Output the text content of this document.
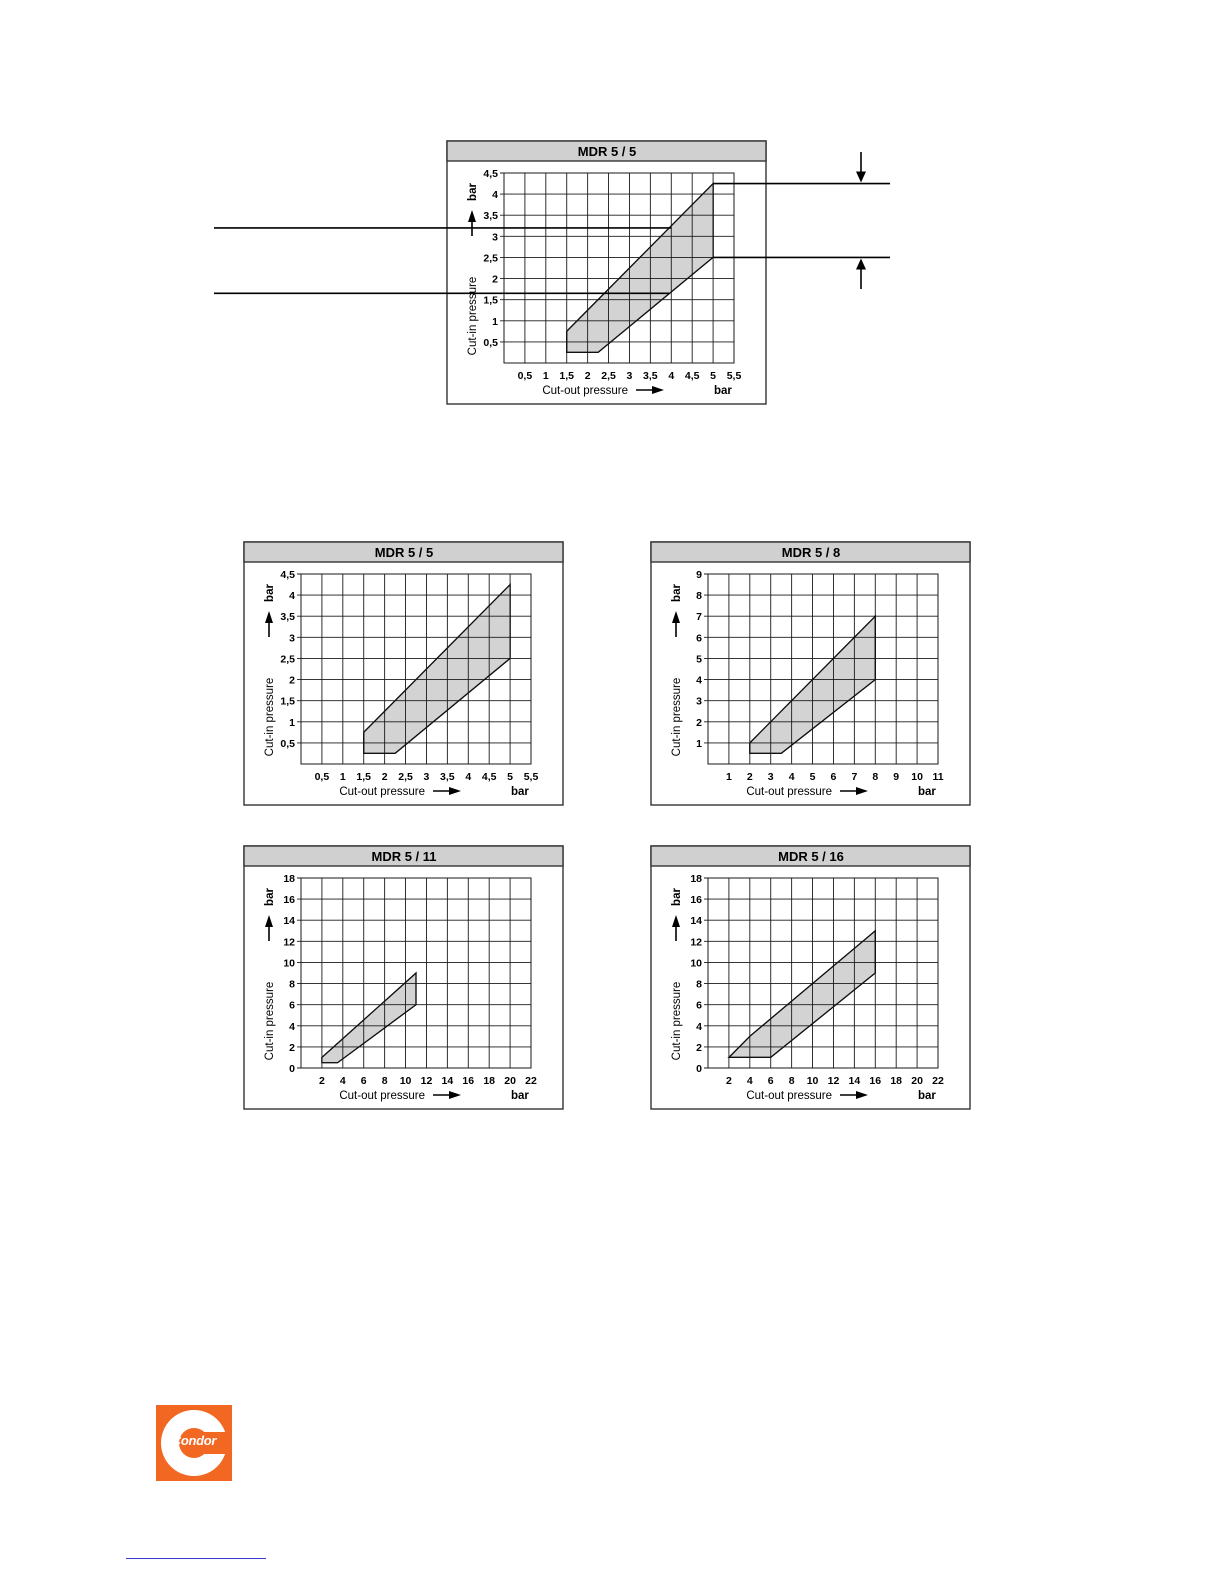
MDR 5 / 5
0,5 1 1,5 2 2,5 3 3,5 4 4,5 5 5,5
0,5
1
1,5
2
2,5
3
3,5
4
4,5
Cut-out pressure	bar
Cut-in pressure
bar
MDR 5 / 5
0,5 1 1,5 2 2,5 3 3,5 4 4,5 5 5,5
0,5
1
1,5
2
2,5
3
3,5
4
4,5
Cut-out pressure	bar
Cut-in pressure
bar
MDR 5 / 8
1 2 3 4 5 6 7 8 9 10 11
1
2
3
4
5
6
7
8
9
Cut-out pressure	bar
Cut-in pressure
bar
MDR 5 / 11
2 4 6 8 10 12 14 16 18 20 22
0
2
4
6
8
10
12
14
16
18
Cut-out pressure	bar
Cut-in pressure
bar
MDR 5 / 16
2 4 6 8 10 12 14 16 18 20 22
0
2
4
6
8
10
12
14
16
18
Cut-out pressure	bar
Cut-in pressure
bar
Condor
